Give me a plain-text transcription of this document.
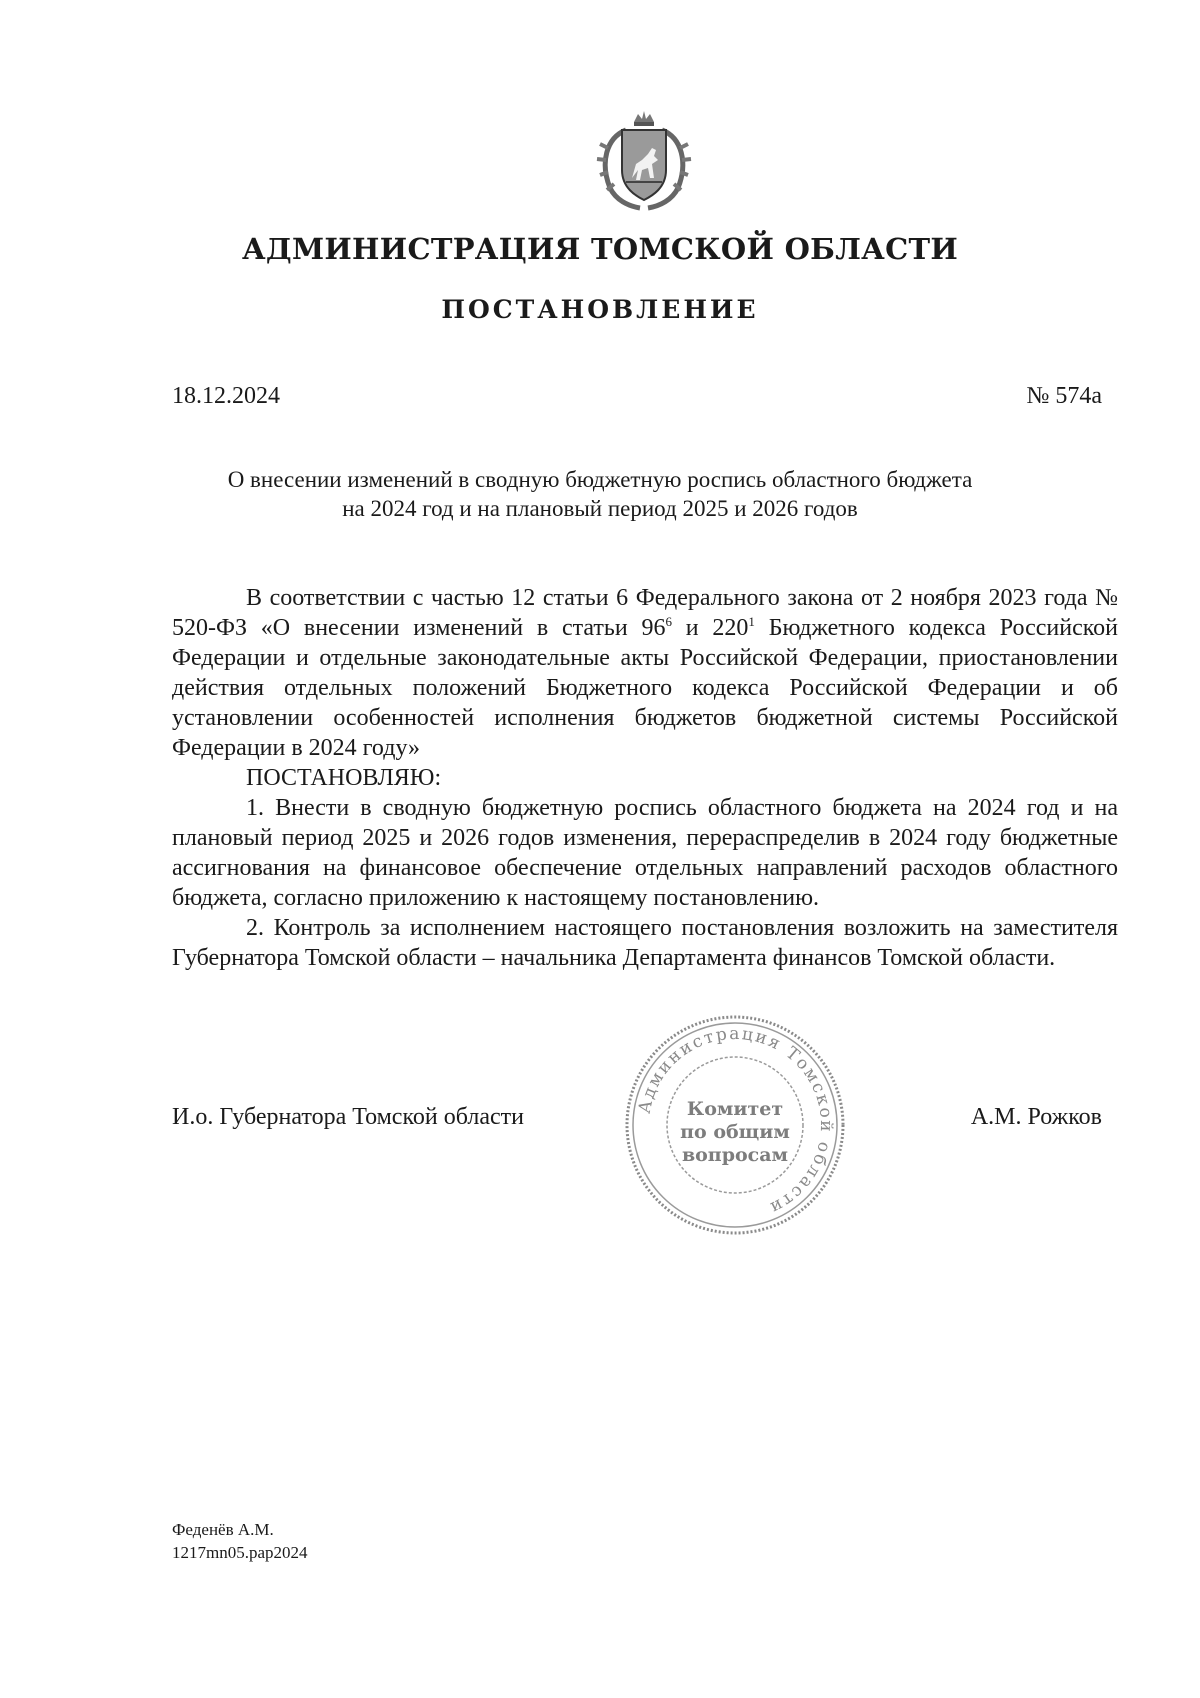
АДМИНИСТРАЦИЯ ТОМСКОЙ ОБЛАСТИ
ПОСТАНОВЛЕНИЕ
18.12.2024	№ 574а
О внесении изменений в сводную бюджетную роспись областного бюджета
на 2024 год и на плановый период 2025 и 2026 годов

В соответствии с частью 12 статьи 6 Федерального закона от 2 ноября 2023 года № 520-ФЗ «О внесении изменений в статьи $96^6$ и $220^1$ Бюджетного кодекса Российской Федерации и отдельные законодательные акты Российской Федерации, приостановлении действия отдельных положений Бюджетного кодекса Российской Федерации и об установлении особенностей исполнения бюджетов бюджетной системы Российской Федерации в 2024 году»

ПОСТАНОВЛЯЮ:

1. Внести в сводную бюджетную роспись областного бюджета на 2024 год и на плановый период 2025 и 2026 годов изменения, перераспределив в 2024 году бюджетные ассигнования на финансовое обеспечение отдельных направлений расходов областного бюджета, согласно приложению к настоящему постановлению.

2. Контроль за исполнением настоящего постановления возложить на заместителя Губернатора Томской области – начальника Департамента финансов Томской области.

И.о. Губернатора Томской области	А.М. Рожков
Администрация Томской области
Комитет
по общим
вопросам
Феденёв А.М.
1217mn05.pap2024
